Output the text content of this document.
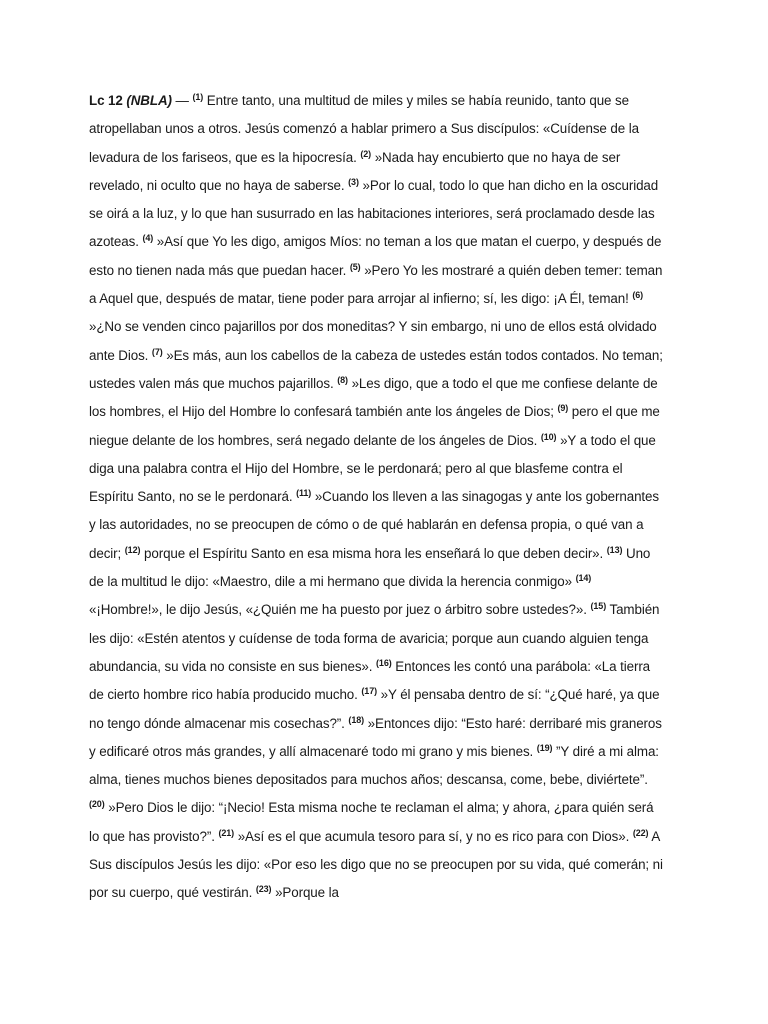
Lc 12 (NBLA) — $^{(1)}$ Entre tanto, una multitud de miles y miles se había reunido, tanto que se atropellaban unos a otros. Jesús comenzó a hablar primero a Sus discípulos: «Cuídense de la levadura de los fariseos, que es la hipocresía. $^{(2)}$ »Nada hay encubierto que no haya de ser revelado, ni oculto que no haya de saberse. $^{(3)}$ »Por lo cual, todo lo que han dicho en la oscuridad se oirá a la luz, y lo que han susurrado en las habitaciones interiores, será proclamado desde las azoteas. $^{(4)}$ »Así que Yo les digo, amigos Míos: no teman a los que matan el cuerpo, y después de esto no tienen nada más que puedan hacer. $^{(5)}$ »Pero Yo les mostraré a quién deben temer: teman a Aquel que, después de matar, tiene poder para arrojar al infierno; sí, les digo: ¡A Él, teman! $^{(6)}$ »¿No se venden cinco pajarillos por dos moneditas? Y sin embargo, ni uno de ellos está olvidado ante Dios. $^{(7)}$ »Es más, aun los cabellos de la cabeza de ustedes están todos contados. No teman; ustedes valen más que muchos pajarillos. $^{(8)}$ »Les digo, que a todo el que me confiese delante de los hombres, el Hijo del Hombre lo confesará también ante los ángeles de Dios; $^{(9)}$ pero el que me niegue delante de los hombres, será negado delante de los ángeles de Dios. $^{(10)}$ »Y a todo el que diga una palabra contra el Hijo del Hombre, se le perdonará; pero al que blasfeme contra el Espíritu Santo, no se le perdonará. $^{(11)}$ »Cuando los lleven a las sinagogas y ante los gobernantes y las autoridades, no se preocupen de cómo o de qué hablarán en defensa propia, o qué van a decir; $^{(12)}$ porque el Espíritu Santo en esa misma hora les enseñará lo que deben decir». $^{(13)}$ Uno de la multitud le dijo: «Maestro, dile a mi hermano que divida la herencia conmigo» $^{(14)}$ «¡Hombre!», le dijo Jesús, «¿Quién me ha puesto por juez o árbitro sobre ustedes?». $^{(15)}$ También les dijo: «Estén atentos y cuídense de toda forma de avaricia; porque aun cuando alguien tenga abundancia, su vida no consiste en sus bienes». $^{(16)}$ Entonces les contó una parábola: «La tierra de cierto hombre rico había producido mucho. $^{(17)}$ »Y él pensaba dentro de sí: “¿Qué haré, ya que no tengo dónde almacenar mis cosechas?”. $^{(18)}$ »Entonces dijo: “Esto haré: derribaré mis graneros y edificaré otros más grandes, y allí almacenaré todo mi grano y mis bienes. $^{(19)}$ ”Y diré a mi alma: alma, tienes muchos bienes depositados para muchos años; descansa, come, bebe, diviértete”. $^{(20)}$ »Pero Dios le dijo: “¡Necio! Esta misma noche te reclaman el alma; y ahora, ¿para quién será lo que has provisto?”. $^{(21)}$ »Así es el que acumula tesoro para sí, y no es rico para con Dios». $^{(22)}$ A Sus discípulos Jesús les dijo: «Por eso les digo que no se preocupen por su vida, qué comerán; ni por su cuerpo, qué vestirán. $^{(23)}$ »Porque la
